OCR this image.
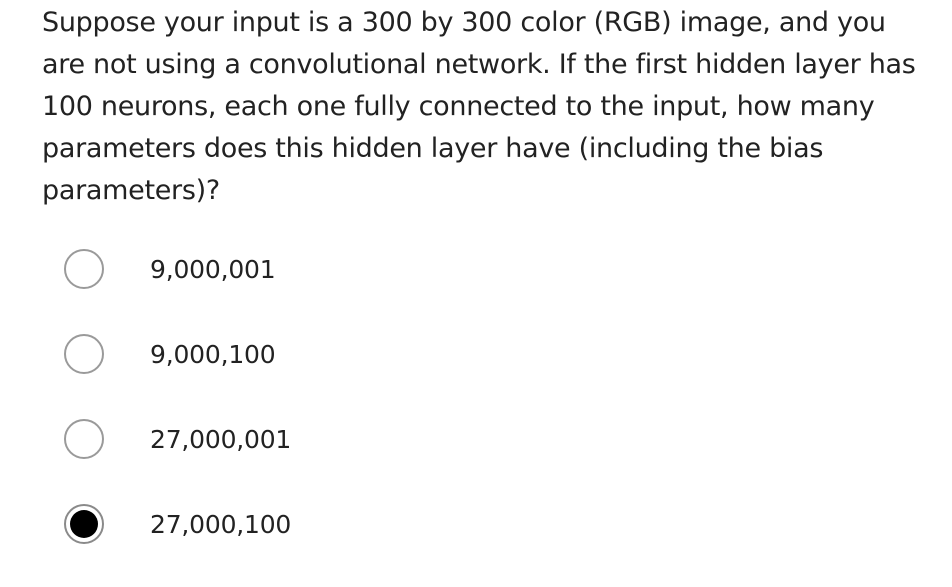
Suppose your input is a 300 by 300 color (RGB) image, and you are not using a convolutional network. If the first hidden layer has 100 neurons, each one fully connected to the input, how many parameters does this hidden layer have (including the bias parameters)?

9,000,001
9,000,100
27,000,001
27,000,100
